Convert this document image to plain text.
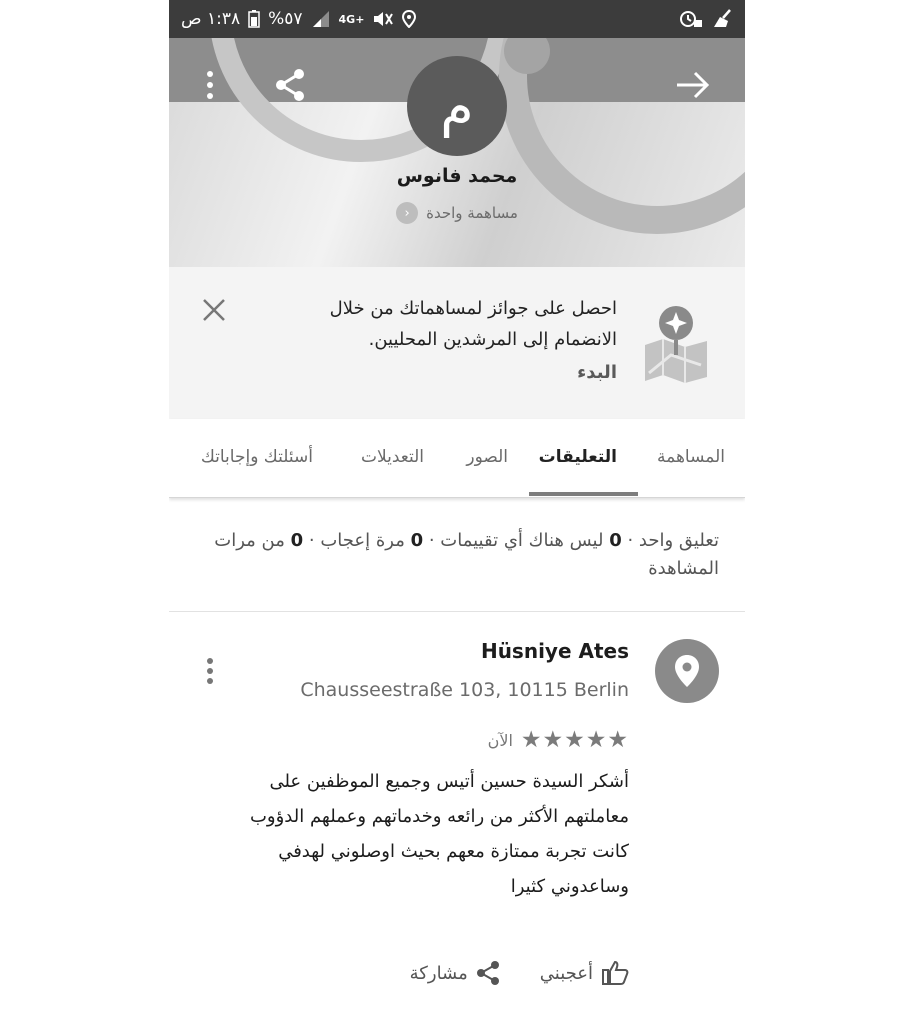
١:٣٨ ص %٥٧	4G+
م
محمد فانوس
مساهمة واحدة
‹
احصل على جوائز لمساهماتك من خلال الانضمام إلى المرشدين المحليين.
البدء
المساهمة
التعليقات
الصور
التعديلات
أسئلتك وإجاباتك
تعليق واحد · 0 ليس هناك أي تقييمات · 0 مرة إعجاب · 0 من مرات المشاهدة
Hüsniye Ates
Chausseestraße 103, 10115 Berlin
★★★★★
الآن
أشكر السيدة حسين أتيس وجميع الموظفين على معاملتهم الأكثر من رائعه وخدماتهم وعملهم الدؤوب كانت تجربة ممتازة معهم بحيث اوصلوني لهدفي وساعدوني كثيرا
أعجبني
مشاركة
